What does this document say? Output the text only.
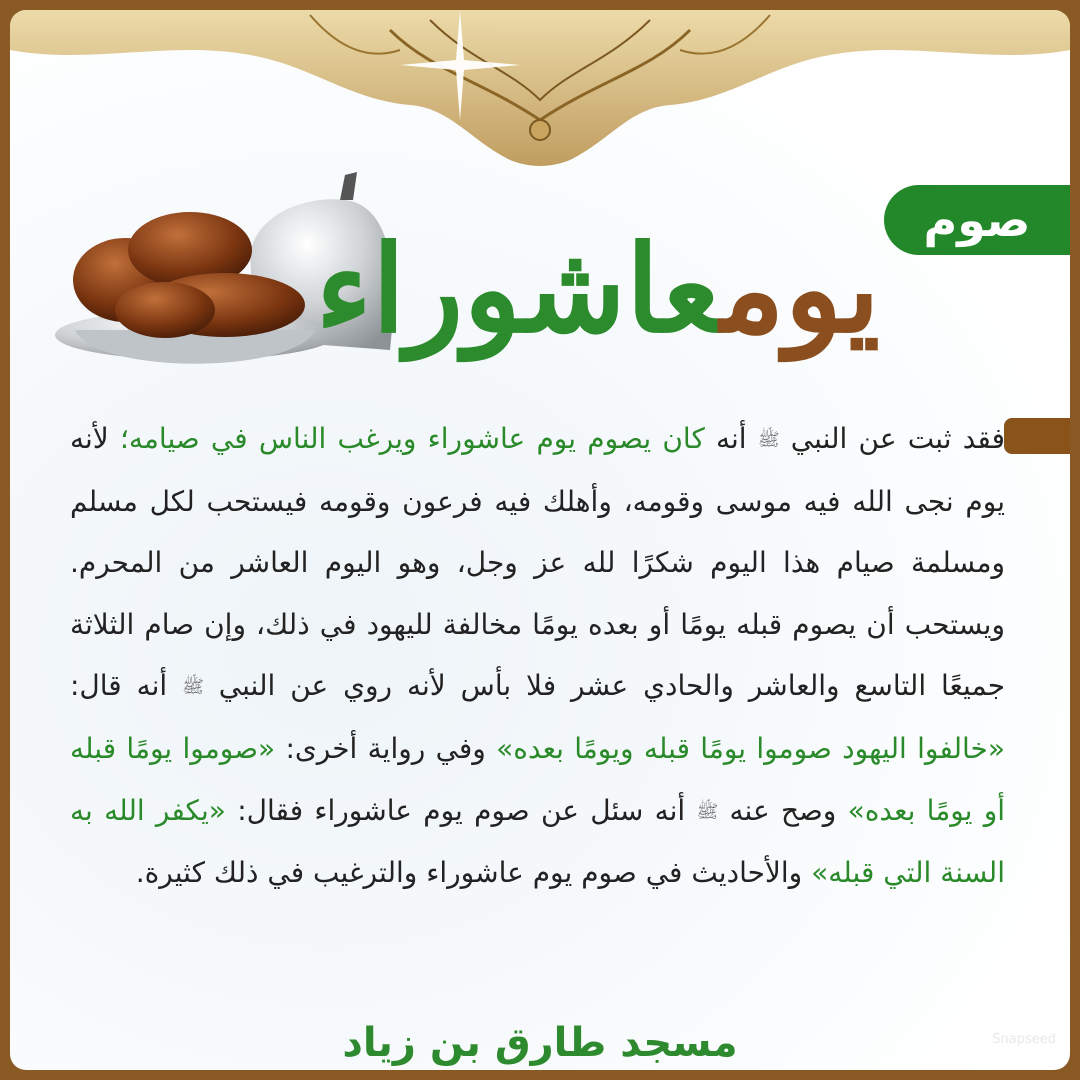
يومعاشوراء	صوم
فقد ثبت عن النبي ﷺ أنه كان يصوم يوم عاشوراء ويرغب الناس في صيامه؛ لأنه يوم نجى الله فيه موسى وقومه، وأهلك فيه فرعون وقومه فيستحب لكل مسلم ومسلمة صيام هذا اليوم شكرًا لله عز وجل، وهو اليوم العاشر من المحرم. ويستحب أن يصوم قبله يومًا أو بعده يومًا مخالفة لليهود في ذلك، وإن صام الثلاثة جميعًا التاسع والعاشر والحادي عشر فلا بأس لأنه روي عن النبي ﷺ أنه قال: «خالفوا اليهود صوموا يومًا قبله ويومًا بعده» وفي رواية أخرى: «صوموا يومًا قبله أو يومًا بعده» وصح عنه ﷺ أنه سئل عن صوم يوم عاشوراء فقال: «يكفر الله به السنة التي قبله» والأحاديث في صوم يوم عاشوراء والترغيب في ذلك كثيرة.
مسجد طارق بن زياد	Snapseed
